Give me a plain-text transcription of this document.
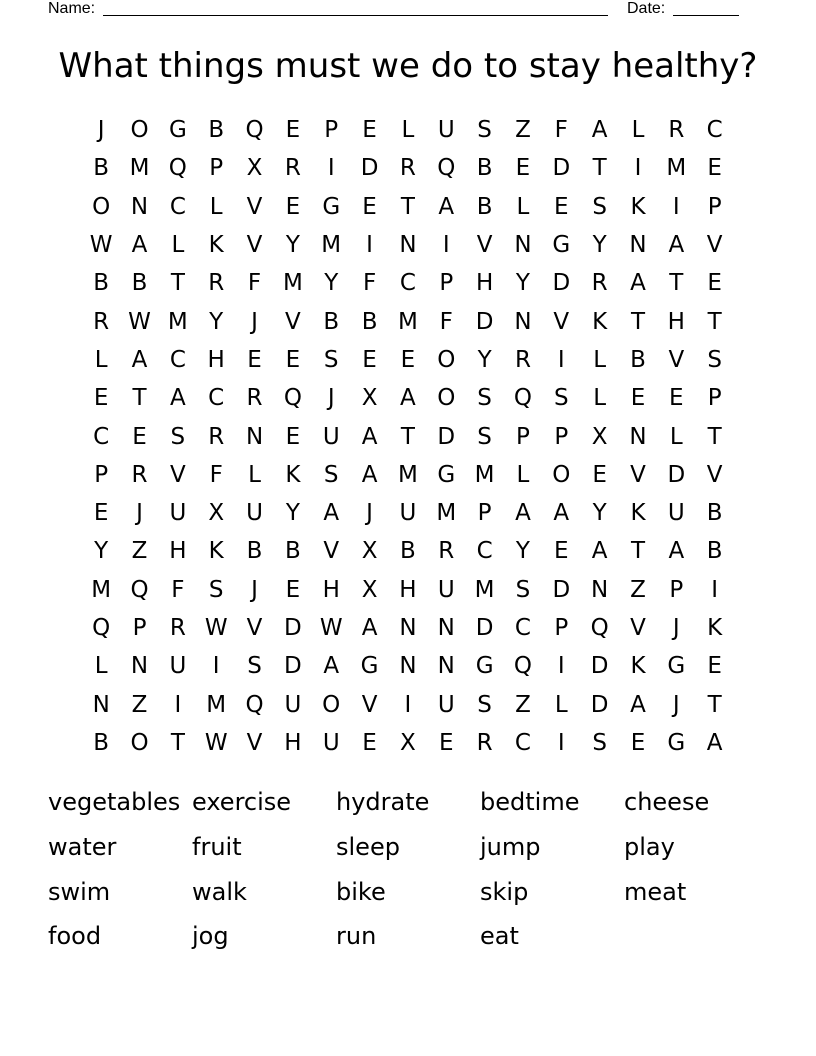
Name:	Date:
What things must we do to stay healthy?
J	O G B Q E	P	E	L	U S	Z	F	A	L	R C
B M Q P	X R	I	D R Q B	E D T	I	M E
O N C	L	V	E G E	T	A B	L	E	S	K	I	P
W A	L	K V	Y M	I	N	I	V N G Y N A V
B B	T	R	F M Y	F	C	P H Y D R A	T	E
R W M Y	J	V B B M F D N V K	T H T
L	A C H E	E	S	E	E O Y	R	I	L	B V	S
E	T	A C R Q	J	X A O S Q S	L	E	E	P
C	E	S	R N E U A	T D S	P	P	X N	L	T
P	R V	F	L	K	S	A M G M L O E	V D V
E	J	U X U Y	A	J	U M P	A A	Y	K U B
Y	Z H K B B V X B R C	Y	E	A	T	A B
M Q F	S	J	E H X H U M S D N Z	P	I
Q P	R W V D W A N N D C	P Q V	J	K
L	N U	I	S D A G N N G Q	I	D K G E
N Z	I	M Q U O V	I	U S	Z	L	D A	J	T
B O T W V H U E	X	E	R C	I	S	E G A
vegetables exercise	hydrate	bedtime	cheese
water	fruit	sleep	jump	play
swim	walk	bike	skip	meat
food	jog	run	eat
